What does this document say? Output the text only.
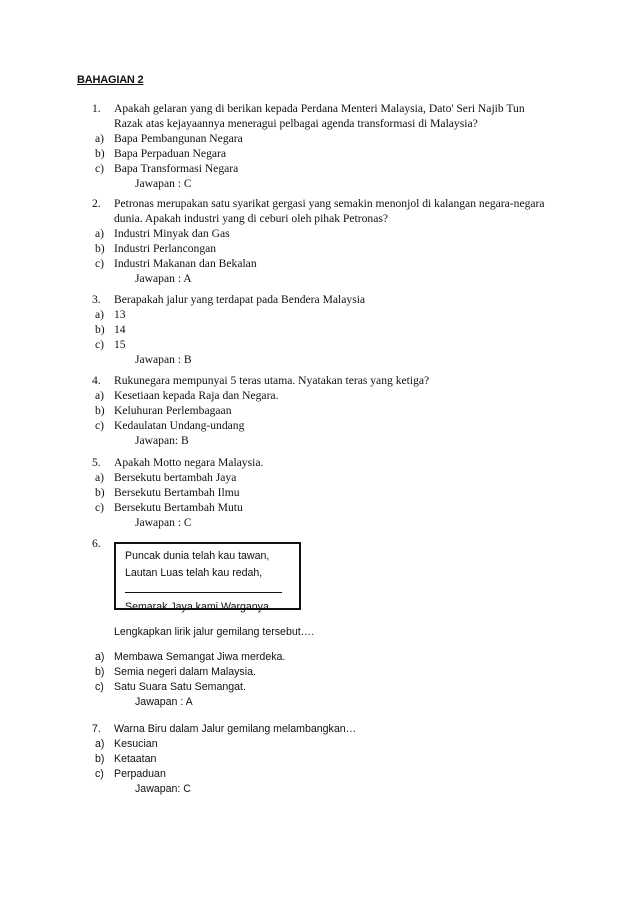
BAHAGIAN 2
1. Apakah gelaran yang di berikan kepada Perdana Menteri Malaysia, Dato' Seri Najib Tun
Razak atas kejayaannya meneragui pelbagai agenda transformasi di Malaysia?
a) Bapa Pembangunan Negara
b) Bapa Perpaduan Negara
c) Bapa Transformasi Negara
Jawapan : C
2. Petronas merupakan satu syarikat gergasi yang semakin menonjol di kalangan negara-negara
dunia. Apakah industri yang di ceburi oleh pihak Petronas?
a) Industri Minyak dan Gas
b) Industri Perlancongan
c) Industri Makanan dan Bekalan
Jawapan : A
3. Berapakah jalur yang terdapat pada Bendera Malaysia
a) 13
b) 14
c) 15
Jawapan : B
4. Rukunegara mempunyai 5 teras utama. Nyatakan teras yang ketiga?
a) Kesetiaan kepada Raja dan Negara.
b) Keluhuran Perlembagaan
c) Kedaulatan Undang-undang
Jawapan: B
5. Apakah Motto negara Malaysia.
a) Bersekutu bertambah Jaya
b) Bersekutu Bertambah Ilmu
c) Bersekutu Bertambah Mutu
Jawapan : C
6.
Puncak dunia telah kau tawan,
Lautan Luas telah kau redah,
Semarak Jaya kami Warganya.
Lengkapkan lirik jalur gemilang tersebut….
a) Membawa Semangat Jiwa merdeka.
b) Semia negeri dalam Malaysia.
c) Satu Suara Satu Semangat.
Jawapan : A
7. Warna Biru dalam Jalur gemilang melambangkan…
a) Kesucian
b) Ketaatan
c) Perpaduan
Jawapan: C
